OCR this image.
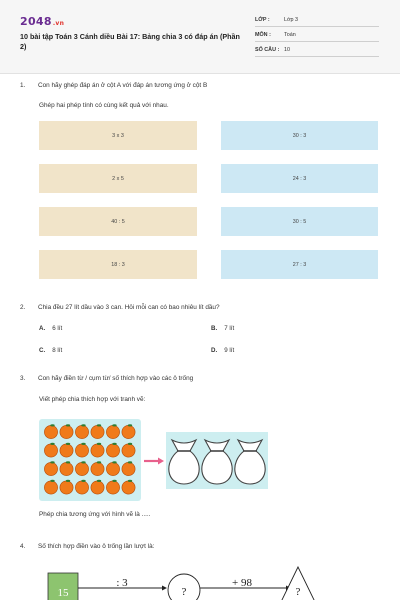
2048.vn
10 bài tập Toán 3 Cánh diều Bài 17: Bảng chia 3 có đáp án (Phần 2)
LỚP :	Lớp 3
MÔN : Toán
SỐ CÂU : 10
1. Con hãy ghép đáp án ở cột A với đáp án tương ứng ở cột B
Ghép hai phép tính có cùng kết quả với nhau.
3 x 3
2 x 5
40 : 5
18 : 3
30 : 3
24 : 3
30 : 5
27 : 3
2. Chia đều 27 lít dầu vào 3 can. Hỏi mỗi can có bao nhiêu lít dầu?
A. 6 lít	B. 7 lít
C. 8 lít	D. 9 lít
3. Con hãy điền từ / cụm từ/ số thích hợp vào các ô trống
Viết phép chia thích hợp với tranh vẽ:
Phép chia tương ứng với hình vẽ là .....
4. Số thích hợp điền vào ô trống lần lượt là:
15
: 3
?
+ 98
?
